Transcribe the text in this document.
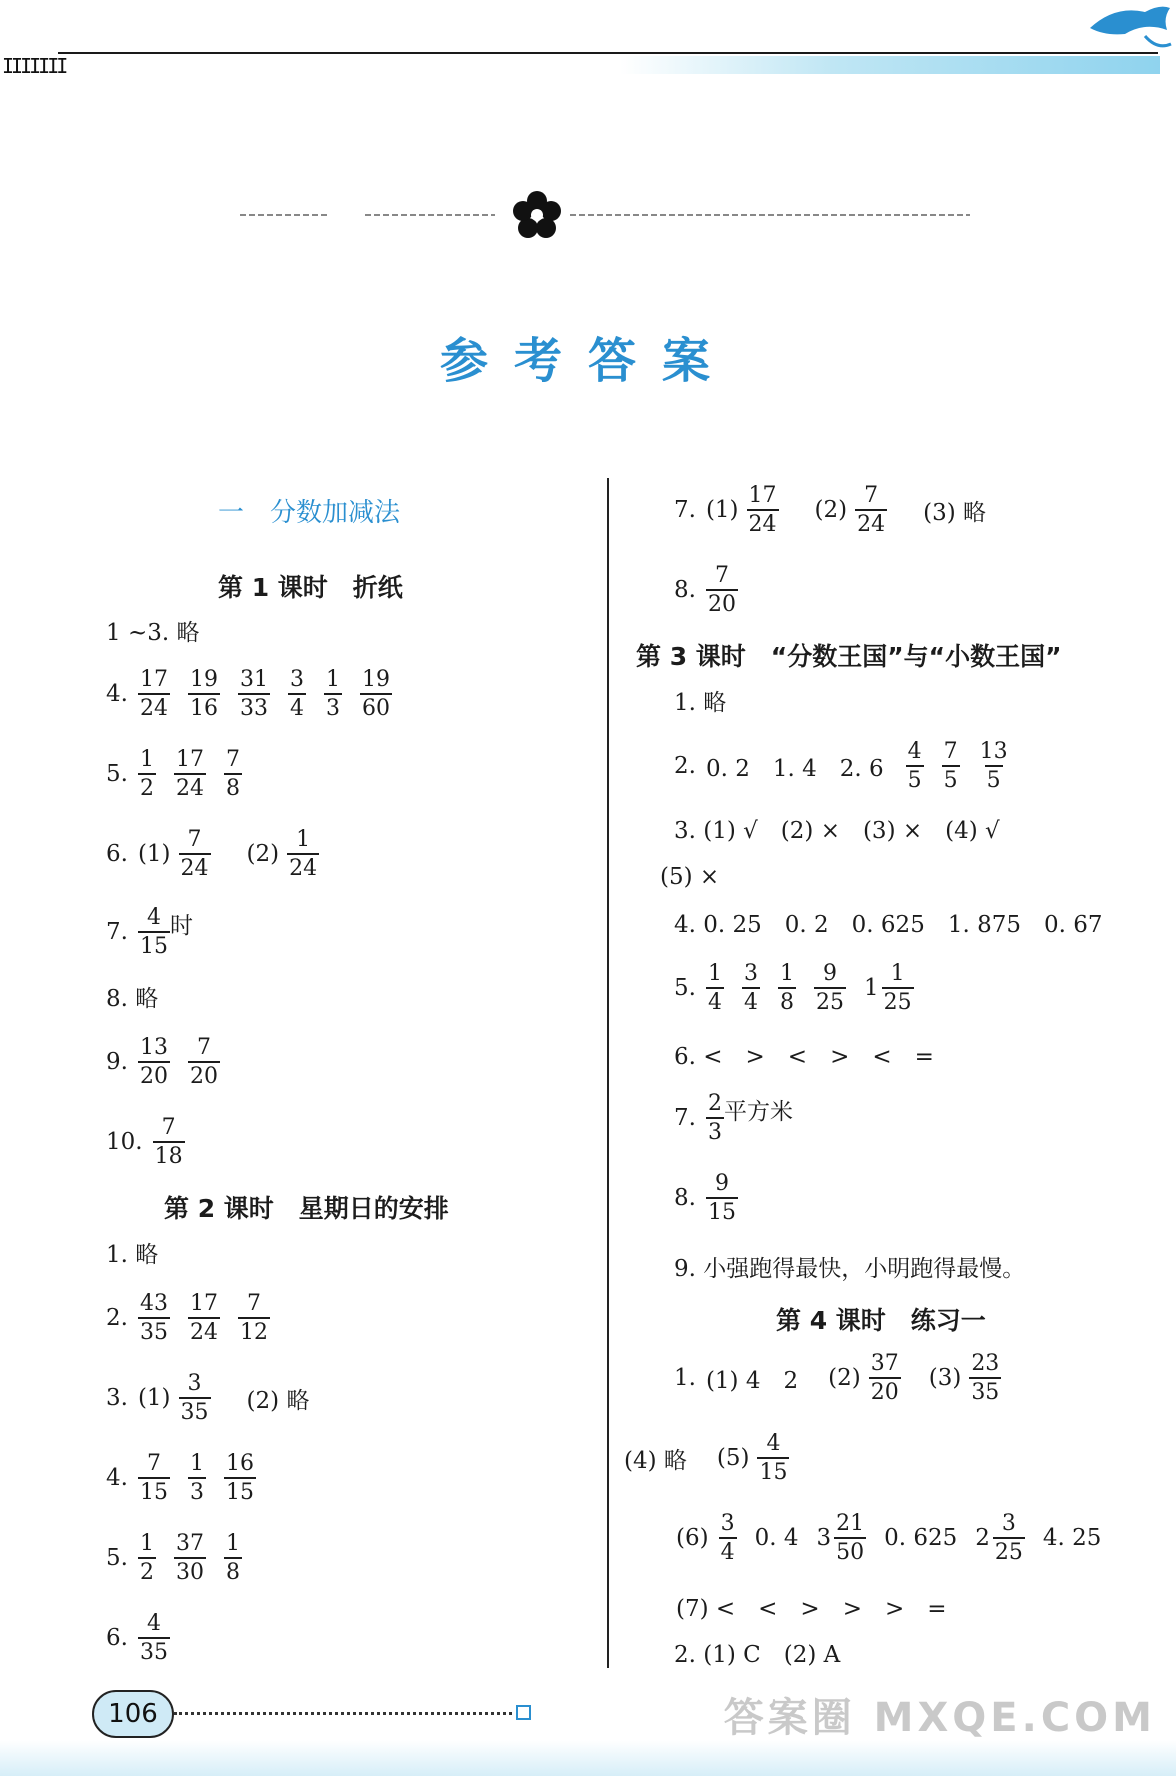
IIIIIII
参考答案
一　分数加减法
第 1 课时　折纸
1 ~3. 略
4. $\frac{17}{24} \frac{19}{16} \frac{31}{33} \frac{3}{4} \frac{1}{3} \frac{19}{60}$
5. $\frac{1}{2} \frac{17}{24} \frac{7}{8}$
6. $(1) \frac{7}{24} (2) \frac{1}{24}$
7. $\frac{4}{15}$ 时
8. 略
9. $\frac{13}{20} \frac{7}{20}$
10. $\frac{7}{18}$
第 2 课时　星期日的安排
1. 略
2. $\frac{43}{35} \frac{17}{24} \frac{7}{12}$
3. $(1) \frac{3}{35} (2)$ 略
4. $\frac{7}{15} \frac{1}{3} \frac{16}{15}$
5. $\frac{1}{2} \frac{37}{30} \frac{1}{8}$
6. $\frac{4}{35}$
7. $(1) \frac{17}{24} (2) \frac{7}{24} (3)$ 略
8. $\frac{7}{20}$
第 3 课时　“分数王国”与“小数王国”
1. 略
2. 0. 2　1. 4　2. $6 \frac{4}{5} \frac{7}{5} \frac{13}{5}$
3. (1) √　(2) ×　(3) ×　(4) √
(5) ×
4. 0. 25　0. 2　0. 625　1. 875　0. 67
5. $\frac{1}{4} \frac{3}{4} \frac{1}{8} \frac{9}{25} 1 \frac{1}{25}$
6. <　>　<　>　<　=
7. $\frac{2}{3}$ 平方米
8. $\frac{9}{15}$
9. 小强跑得最快，小明跑得最慢。
第 4 课时　练习一
1. (1) 4　2 $(2) \frac{37}{20} (3) \frac{23}{35}$
(4) 略 $(5) \frac{4}{15}$
$(6) \frac{3}{4} 0$. 4 $3 \frac{21}{50} 0$. 625 $2 \frac{3}{25} 4$. 25
(7) <　<　>　>　>　=
2. (1) C　(2) A
106	答案圈 MXQE.COM
